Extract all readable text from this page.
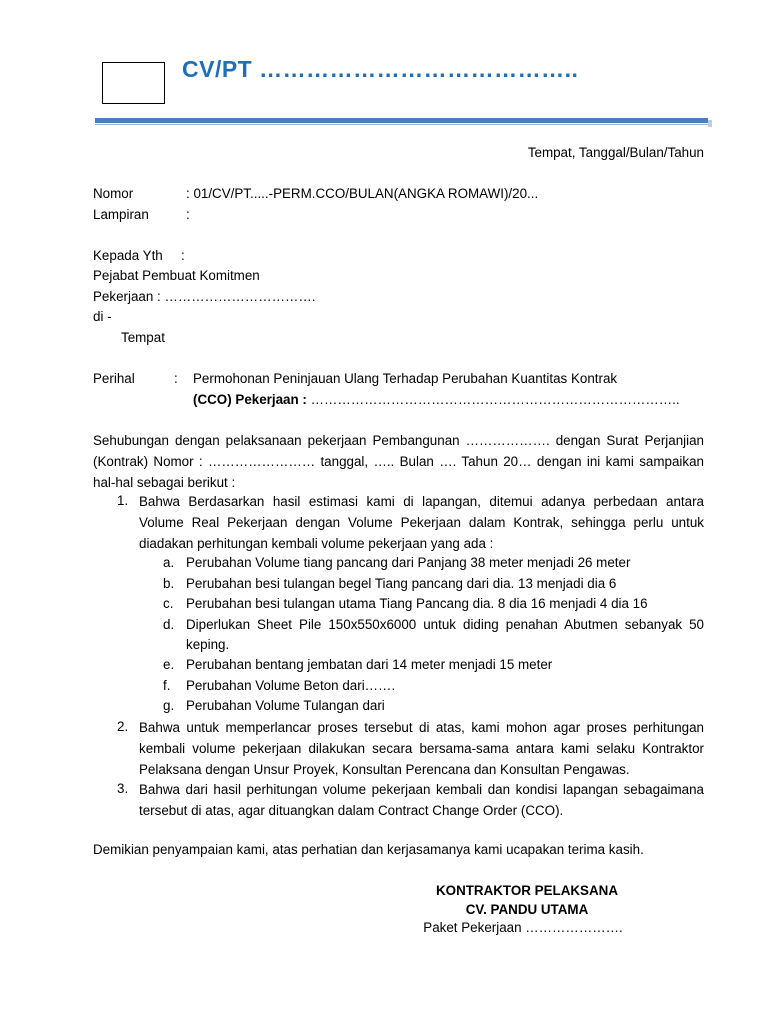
CV/PT …………………………………..
Tempat, Tanggal/Bulan/Tahun
Nomor	: 01/CV/PT.....-PERM.CCO/BULAN(ANGKA ROMAWI)/20...
Lampiran	:
Kepada Yth :
Pejabat Pembuat Komitmen
Pekerjaan : …………………………….
di -
Tempat
Perihal	: Permohonan Peninjauan Ulang Terhadap Perubahan Kuantitas Kontrak
(CCO) Pekerjaan : ………………………………………………………………………..
Sehubungan dengan pelaksanaan pekerjaan Pembangunan ………………. dengan Surat Perjanjian (Kontrak) Nomor : …………………… tanggal, ….. Bulan …. Tahun 20… dengan ini kami sampaikan hal-hal sebagai berikut :
1. Bahwa Berdasarkan hasil estimasi kami di lapangan, ditemui adanya perbedaan antara Volume Real Pekerjaan dengan Volume Pekerjaan dalam Kontrak, sehingga perlu untuk diadakan perhitungan kembali volume pekerjaan yang ada :
a. Perubahan Volume tiang pancang dari Panjang 38 meter menjadi 26 meter
b. Perubahan besi tulangan begel Tiang pancang dari dia. 13 menjadi dia 6
c. Perubahan besi tulangan utama Tiang Pancang dia. 8 dia 16 menjadi 4 dia 16
d. Diperlukan Sheet Pile 150x550x6000 untuk diding penahan Abutmen sebanyak 50 keping.
e. Perubahan bentang jembatan dari 14 meter menjadi 15 meter
f. Perubahan Volume Beton dari…….
g. Perubahan Volume Tulangan dari
2. Bahwa untuk memperlancar proses tersebut di atas, kami mohon agar proses perhitungan kembali volume pekerjaan dilakukan secara bersama-sama antara kami selaku Kontraktor Pelaksana dengan Unsur Proyek, Konsultan Perencana dan Konsultan Pengawas.
3. Bahwa dari hasil perhitungan volume pekerjaan kembali dan kondisi lapangan sebagaimana tersebut di atas, agar dituangkan dalam Contract Change Order (CCO).
Demikian penyampaian kami, atas perhatian dan kerjasamanya kami ucapakan terima kasih.
KONTRAKTOR PELAKSANA
CV. PANDU UTAMA
Paket Pekerjaan ………………….
